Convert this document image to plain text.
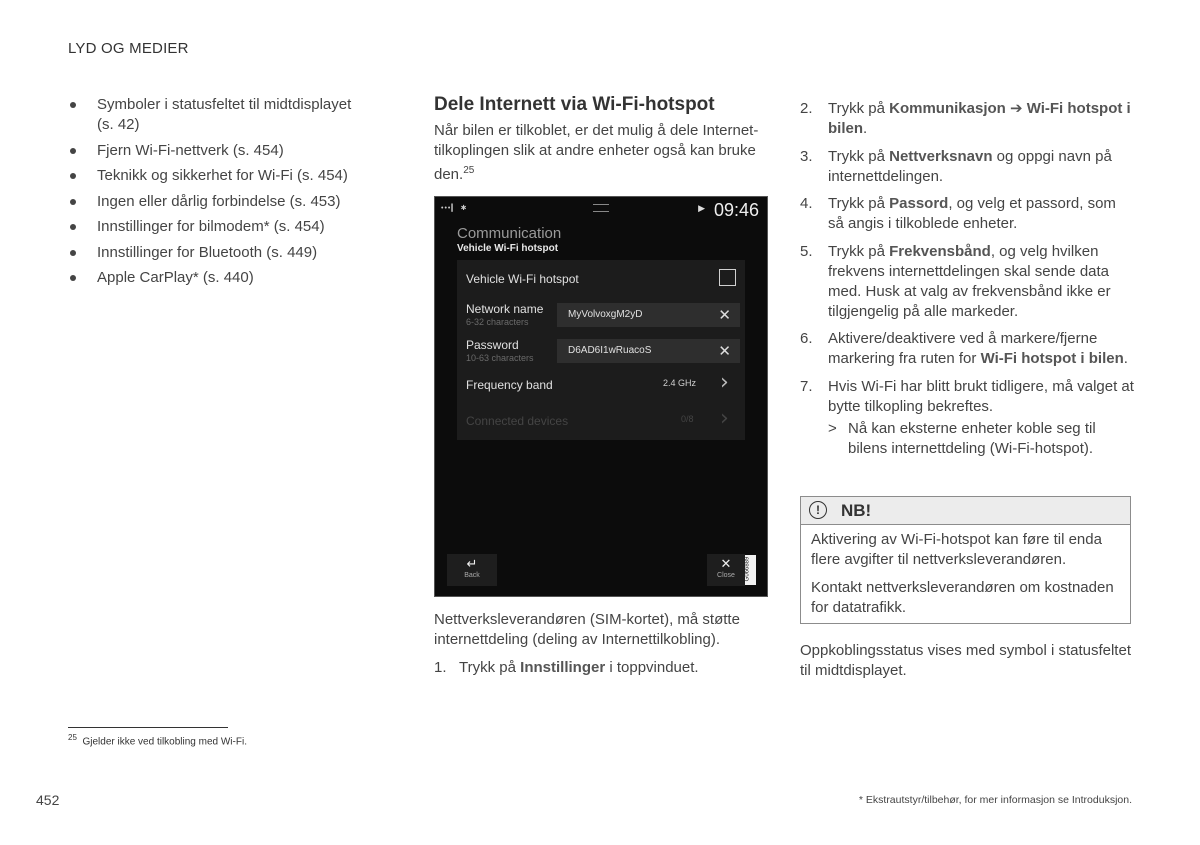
LYD OG MEDIER
Symboler i statusfeltet til midtdisplayet (s. 42)
Fjern Wi-Fi-nettverk (s. 454)
Teknikk og sikkerhet for Wi-Fi (s. 454)
Ingen eller dårlig forbindelse (s. 453)
Innstillinger for bilmodem* (s. 454)
Innstillinger for Bluetooth (s. 449)
Apple CarPlay* (s. 440)
Dele Internett via Wi-Fi-hotspot
Når bilen er tilkoblet, er det mulig å dele Internettilkoplingen slik at andre enheter også kan bruke den.$^{25}$
•••▎ ✱	▶ 09:46
Communication
Vehicle Wi-Fi hotspot
Vehicle Wi-Fi hotspot
Network name
6-32 characters
MyVolvoxgM2yD	✕
Password
10-63 characters
D6AD6I1wRuacoS	✕
Frequency band	2.4 GHz ›
Connected devices	0/8 ›
↵
Back
✕
Close	G066889
Nettverksleverandøren (SIM-kortet), må støtte internettdeling (deling av Internettilkobling).
1. Trykk på Innstillinger i toppvinduet.
2. Trykk på Kommunikasjon ➔ Wi-Fi hotspot i bilen.
3. Trykk på Nettverksnavn og oppgi navn på internettdelingen.
4. Trykk på Passord, og velg et passord, som så angis i tilkoblede enheter.
5. Trykk på Frekvensbånd, og velg hvilken frekvens internettdelingen skal sende data med. Husk at valg av frekvensbånd ikke er tilgjengelig på alle markeder.
6. Aktivere/deaktivere ved å markere/fjerne markering fra ruten for Wi-Fi hotspot i bilen.
7. Hvis Wi-Fi har blitt brukt tidligere, må valget at bytte tilkopling bekreftes.
> Nå kan eksterne enheter koble seg til bilens internettdeling (Wi-Fi-hotspot).
!	NB!

Aktivering av Wi-Fi-hotspot kan føre til enda flere avgifter til nettverksleverandøren.

Kontakt nettverksleverandøren om kostnaden for datatrafikk.

Oppkoblingsstatus vises med symbol i statusfeltet til midtdisplayet.
$^{25}$ Gjelder ikke ved tilkobling med Wi-Fi.
452	* Ekstrautstyr/tilbehør, for mer informasjon se Introduksjon.
